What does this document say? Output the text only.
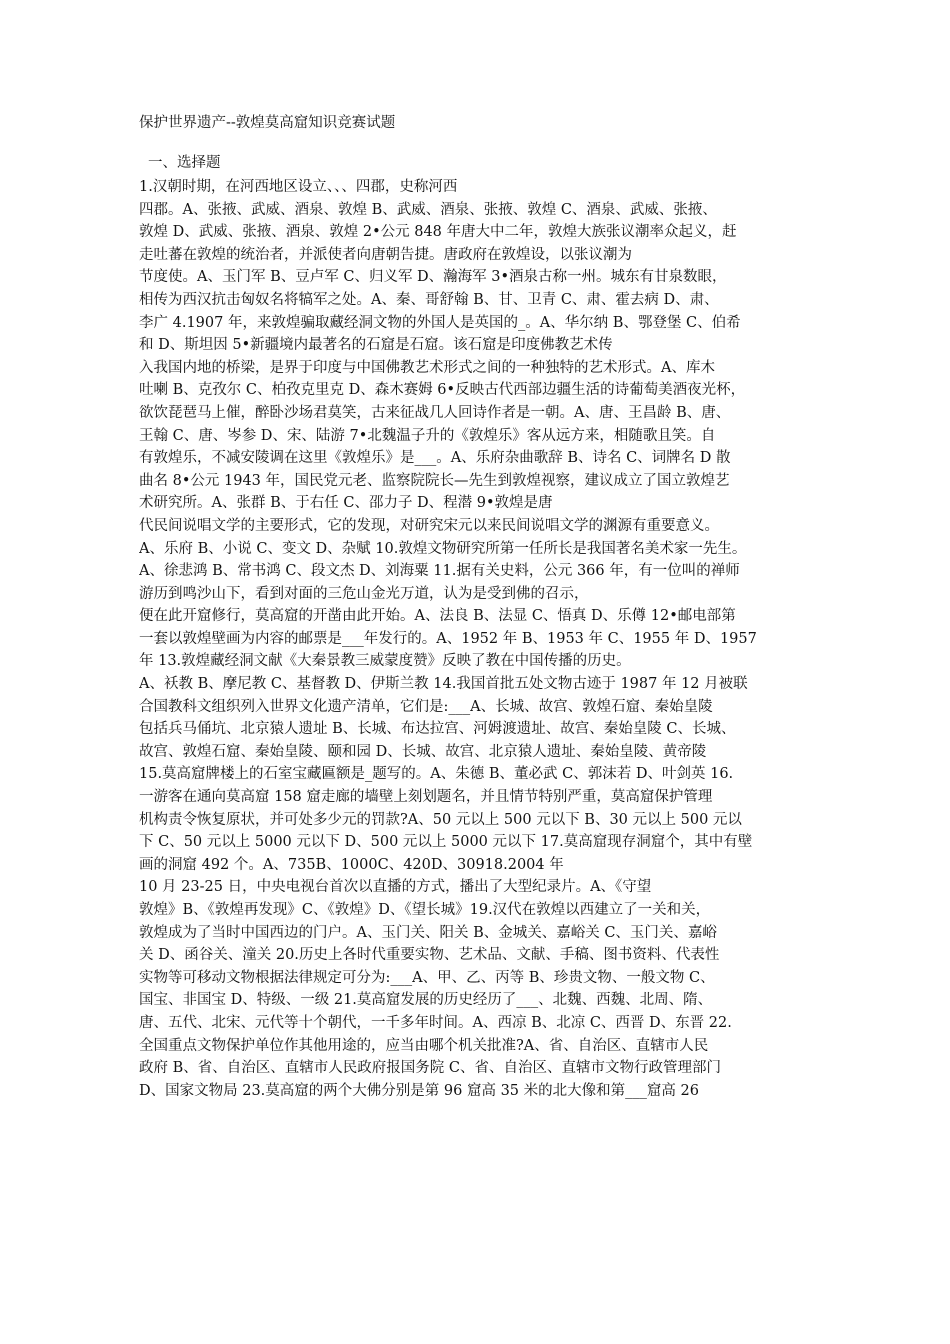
保护世界遗产--敦煌莫高窟知识竞赛试题

一、选择题

1.汉朝时期，在河西地区设立、、、四郡，史称河西
四郡。A、张掖、武威、酒泉、敦煌 B、武威、酒泉、张掖、敦煌 C、酒泉、武威、张掖、
敦煌 D、武威、张掖、酒泉、敦煌 2•公元 848 年唐大中二年，敦煌大族张议潮率众起义，赶
走吐蕃在敦煌的统治者，并派使者向唐朝告捷。唐政府在敦煌设，以张议潮为
节度使。A、玉门军 B、豆卢军 C、归义军 D、瀚海军 3•酒泉古称一州。城东有甘泉数眼，
相传为西汉抗击匈奴名将犒军之处。A、秦、哥舒翰 B、甘、卫青 C、肃、霍去病 D、肃、
李广 4.1907 年，来敦煌骗取藏经洞文物的外国人是英国的_。A、华尔纳 B、鄂登堡 C、伯希
和 D、斯坦因 5•新疆境内最著名的石窟是石窟。该石窟是印度佛教艺术传
入我国内地的桥梁，是界于印度与中国佛教艺术形式之间的一种独特的艺术形式。A、库木
吐喇 B、克孜尔 C、柏孜克里克 D、森木赛姆 6•反映古代西部边疆生活的诗葡萄美酒夜光杯，
欲饮琵琶马上催，醉卧沙场君莫笑，古来征战几人回诗作者是一朝。A、唐、王昌龄 B、唐、
王翰 C、唐、岑参 D、宋、陆游 7•北魏温子升的《敦煌乐》客从远方来，相随歌且笑。自
有敦煌乐，不减安陵调在这里《敦煌乐》是___。A、乐府杂曲歌辞 B、诗名 C、词牌名 D 散
曲名 8•公元 1943 年，国民党元老、监察院院长—先生到敦煌视察，建议成立了国立敦煌艺
术研究所。A、张群 B、于右任 C、邵力子 D、程潜 9•敦煌是唐
代民间说唱文学的主要形式，它的发现，对研究宋元以来民间说唱文学的渊源有重要意义。
A、乐府 B、小说 C、变文 D、杂赋 10.敦煌文物研究所第一任所长是我国著名美术家一先生。
A、徐悲鸿 B、常书鸿 C、段文杰 D、刘海粟 11.据有关史料，公元 366 年，有一位叫的禅师
游历到鸣沙山下，看到对面的三危山金光万道，认为是受到佛的召示，
便在此开窟修行，莫高窟的开凿由此开始。A、法良 B、法显 C、悟真 D、乐僔 12•邮电部第
一套以敦煌壁画为内容的邮票是___年发行的。A、1952 年 B、1953 年 C、1955 年 D、1957
年 13.敦煌藏经洞文献《大秦景教三威蒙度赞》反映了教在中国传播的历史。
A、袄教 B、摩尼教 C、基督教 D、伊斯兰教 14.我国首批五处文物古迹于 1987 年 12 月被联
合国教科文组织列入世界文化遗产清单，它们是:___A、长城、故宫、敦煌石窟、秦始皇陵
包括兵马俑坑、北京猿人遗址 B、长城、布达拉宫、河姆渡遗址、故宫、秦始皇陵 C、长城、
故宫、敦煌石窟、秦始皇陵、颐和园 D、长城、故宫、北京猿人遗址、秦始皇陵、黄帝陵
15.莫高窟牌楼上的石室宝藏匾额是_题写的。A、朱德 B、董必武 C、郭沫若 D、叶剑英 16.
一游客在通向莫高窟 158 窟走廊的墙壁上刻划题名，并且情节特别严重，莫高窟保护管理
机构责令恢复原状，并可处多少元的罚款?A、50 元以上 500 元以下 B、30 元以上 500 元以
下 C、50 元以上 5000 元以下 D、500 元以上 5000 元以下 17.莫高窟现存洞窟个，其中有壁
画的洞窟 492 个。A、735B、1000C、420D、30918.2004 年
10 月 23-25 日，中央电视台首次以直播的方式，播出了大型纪录片。A、《守望
敦煌》B、《敦煌再发现》C、《敦煌》D、《望长城》19.汉代在敦煌以西建立了一关和关，
敦煌成为了当时中国西边的门户。A、玉门关、阳关 B、金城关、嘉峪关 C、玉门关、嘉峪
关 D、函谷关、潼关 20.历史上各时代重要实物、艺术品、文献、手稿、图书资料、代表性
实物等可移动文物根据法律规定可分为:___A、甲、乙、丙等 B、珍贵文物、一般文物 C、
国宝、非国宝 D、特级、一级 21.莫高窟发展的历史经历了___、北魏、西魏、北周、隋、
唐、五代、北宋、元代等十个朝代，一千多年时间。A、西凉 B、北凉 C、西晋 D、东晋 22.
全国重点文物保护单位作其他用途的，应当由哪个机关批准?A、省、自治区、直辖市人民
政府 B、省、自治区、直辖市人民政府报国务院 C、省、自治区、直辖市文物行政管理部门
D、国家文物局 23.莫高窟的两个大佛分别是第 96 窟高 35 米的北大像和第___窟高 26
